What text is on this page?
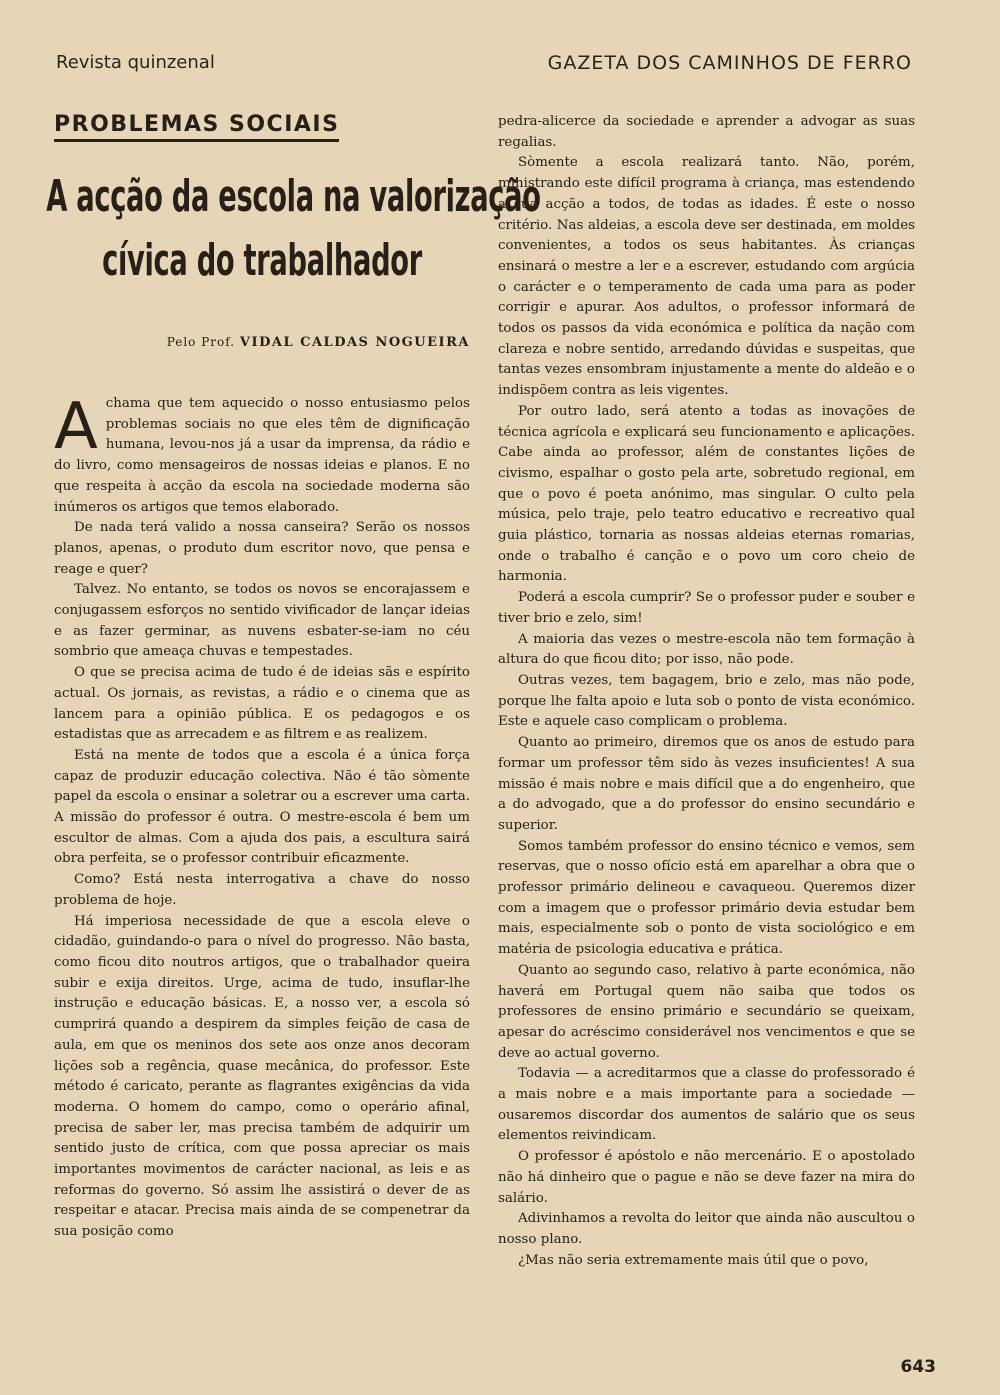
Revista quinzenal	GAZETA DOS CAMINHOS DE FERRO
PROBLEMAS SOCIAIS
A acção da escola na valorização
cívica do trabalhador
Pelo Prof. VIDAL CALDAS NOGUEIRA

Achama que tem aquecido o nosso entusiasmo pelos problemas sociais no que eles têm de dignificação humana, levou-nos já a usar da imprensa, da rádio e do livro, como mensageiros de nossas ideias e planos. E no que respeita à acção da escola na sociedade moderna são inúmeros os artigos que temos elaborado.

De nada terá valido a nossa canseira? Serão os nossos planos, apenas, o produto dum escritor novo, que pensa e reage e quer?

Talvez. No entanto, se todos os novos se encorajassem e conjugassem esforços no sentido vivificador de lançar ideias e as fazer germinar, as nuvens esbater-se-iam no céu sombrio que ameaça chuvas e tempestades.

O que se precisa acima de tudo é de ideias sãs e espírito actual. Os jornais, as revistas, a rádio e o cinema que as lancem para a opinião pública. E os pedagogos e os estadistas que as arrecadem e as filtrem e as realizem.

Está na mente de todos que a escola é a única força capaz de produzir educação colectiva. Não é tão sòmente papel da escola o ensinar a soletrar ou a escrever uma carta. A missão do professor é outra. O mestre-escola é bem um escultor de almas. Com a ajuda dos pais, a escultura sairá obra perfeita, se o professor contribuir eficazmente.

Como? Está nesta interrogativa a chave do nosso problema de hoje.

Há imperiosa necessidade de que a escola eleve o cidadão, guindando-o para o nível do progresso. Não basta, como ficou dito noutros artigos, que o trabalhador queira subir e exija direitos. Urge, acima de tudo, insuflar-lhe instrução e educação básicas. E, a nosso ver, a escola só cumprirá quando a despirem da simples feição de casa de aula, em que os meninos dos sete aos onze anos decoram lições sob a regência, quase mecânica, do professor. Este método é caricato, perante as flagrantes exigências da vida moderna. O homem do campo, como o operário afinal, precisa de saber ler, mas precisa também de adquirir um sentido justo de crítica, com que possa apreciar os mais importantes movimentos de carácter nacional, as leis e as reformas do governo. Só assim lhe assistirá o dever de as respeitar e atacar. Precisa mais ainda de se compenetrar da sua posição como

pedra-alicerce da sociedade e aprender a advogar as suas regalias.

Sòmente a escola realizará tanto. Não, porém, ministrando este difícil programa à criança, mas estendendo a sua acção a todos, de todas as idades. É este o nosso critério. Nas aldeias, a escola deve ser destinada, em moldes convenientes, a todos os seus habitantes. Às crianças ensinará o mestre a ler e a escrever, estudando com argúcia o carácter e o temperamento de cada uma para as poder corrigir e apurar. Aos adultos, o professor informará de todos os passos da vida económica e política da nação com clareza e nobre sentido, arredando dúvidas e suspeitas, que tantas vezes ensombram injustamente a mente do aldeão e o indispõem contra as leis vigentes.

Por outro lado, será atento a todas as inovações de técnica agrícola e explicará seu funcionamento e aplicações. Cabe ainda ao professor, além de constantes lições de civismo, espalhar o gosto pela arte, sobretudo regional, em que o povo é poeta anónimo, mas singular. O culto pela música, pelo traje, pelo teatro educativo e recreativo qual guia plástico, tornaria as nossas aldeias eternas romarias, onde o trabalho é canção e o povo um coro cheio de harmonia.

Poderá a escola cumprir? Se o professor puder e souber e tiver brio e zelo, sim!

A maioria das vezes o mestre-escola não tem formação à altura do que ficou dito; por isso, não pode.

Outras vezes, tem bagagem, brio e zelo, mas não pode, porque lhe falta apoio e luta sob o ponto de vista económico. Este e aquele caso complicam o problema.

Quanto ao primeiro, diremos que os anos de estudo para formar um professor têm sido às vezes insuficientes! A sua missão é mais nobre e mais difícil que a do engenheiro, que a do advogado, que a do professor do ensino secundário e superior.

Somos também professor do ensino técnico e vemos, sem reservas, que o nosso ofício está em aparelhar a obra que o professor primário delineou e cavaqueou. Queremos dizer com a imagem que o professor primário devia estudar bem mais, especialmente sob o ponto de vista sociológico e em matéria de psicologia educativa e prática.

Quanto ao segundo caso, relativo à parte económica, não haverá em Portugal quem não saiba que todos os professores de ensino primário e secundário se queixam, apesar do acréscimo considerável nos vencimentos e que se deve ao actual governo.

Todavia — a acreditarmos que a classe do professorado é a mais nobre e a mais importante para a sociedade — ousaremos discordar dos aumentos de salário que os seus elementos reivindicam.

O professor é apóstolo e não mercenário. E o apostolado não há dinheiro que o pague e não se deve fazer na mira do salário.

Adivinhamos a revolta do leitor que ainda não auscultou o nosso plano.

¿Mas não seria extremamente mais útil que o povo,

643
